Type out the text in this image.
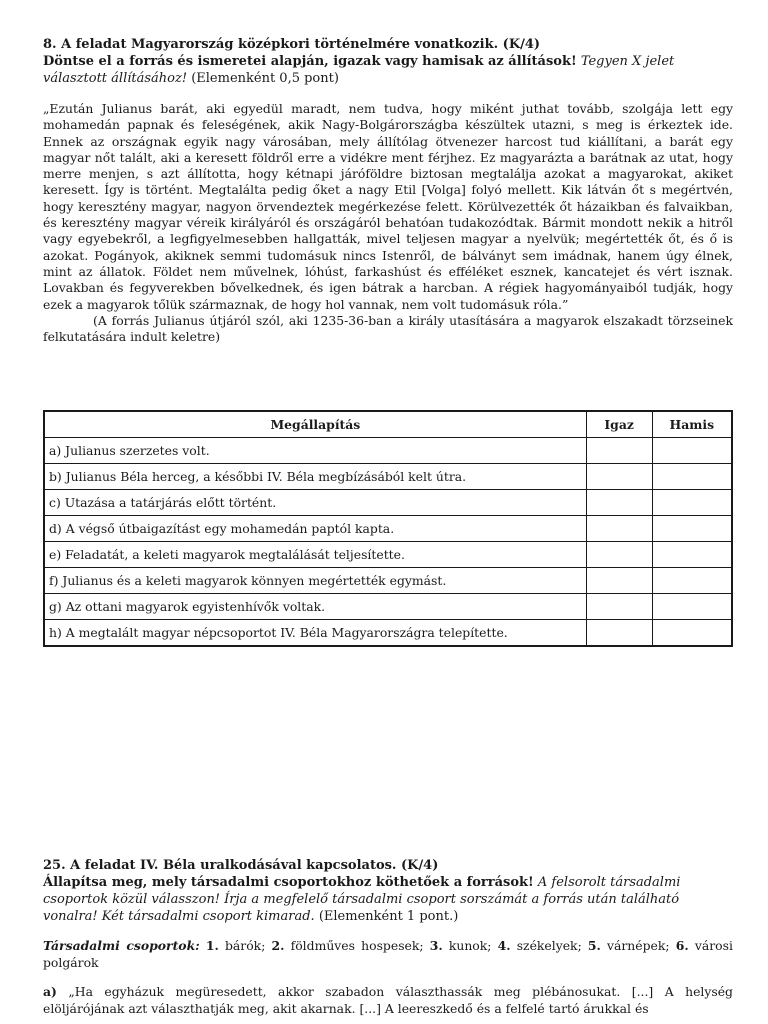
8. A feladat Magyarország középkori történelmére vonatkozik. (K/4)
Döntse el a forrás és ismeretei alapján, igazak vagy hamisak az állítások! Tegyen X jelet választott állításához! (Elemenként 0,5 pont)
„Ezután Julianus barát, aki egyedül maradt, nem tudva, hogy miként juthat tovább, szolgája lett egy mohamedán papnak és feleségének, akik Nagy-Bolgárországba készültek utazni, s meg is érkeztek ide. Ennek az országnak egyik nagy városában, mely állítólag ötvenezer harcost tud kiállítani, a barát egy magyar nőt talált, aki a keresett földről erre a vidékre ment férjhez. Ez magyarázta a barátnak az utat, hogy merre menjen, s azt állította, hogy kétnapi járóföldre biztosan megtalálja azokat a magyarokat, akiket keresett. Így is történt. Megtalálta pedig őket a nagy Etil [Volga] folyó mellett. Kik látván őt s megértvén, hogy keresztény magyar, nagyon örvendeztek megérkezése felett. Körülvezették őt házaikban és falvaikban, és keresztény magyar véreik királyáról és országáról behatóan tudakozódtak. Bármit mondott nekik a hitről vagy egyebekről, a legfigyelmesebben hallgatták, mivel teljesen magyar a nyelvük; megértették őt, és ő is azokat. Pogányok, akiknek semmi tudomásuk nincs Istenről, de bálványt sem imádnak, hanem úgy élnek, mint az állatok. Földet nem művelnek, lóhúst, farkashúst és efféléket esznek, kancatejet és vért isznak. Lovakban és fegyverekben bővelkednek, és igen bátrak a harcban. A régiek hagyományaiból tudják, hogy ezek a magyarok tőlük származnak, de hogy hol vannak, nem volt tudomásuk róla.”
(A forrás Julianus útjáról szól, aki 1235-36-ban a király utasítására a magyarok elszakadt törzseinek felkutatására indult keletre)
Megállapítás	Igaz	Hamis
a) Julianus szerzetes volt.		
b) Julianus Béla herceg, a későbbi IV. Béla megbízásából kelt útra.		
c) Utazása a tatárjárás előtt történt.		
d) A végső útbaigazítást egy mohamedán paptól kapta.		
e) Feladatát, a keleti magyarok megtalálását teljesítette.		
f) Julianus és a keleti magyarok könnyen megértették egymást.		
g) Az ottani magyarok egyistenhívők voltak.		
h) A megtalált magyar népcsoportot IV. Béla Magyarországra telepítette.		
25. A feladat IV. Béla uralkodásával kapcsolatos. (K/4)
Állapítsa meg, mely társadalmi csoportokhoz köthetőek a források! A felsorolt társadalmi csoportok közül válasszon! Írja a megfelelő társadalmi csoport sorszámát a forrás után található vonalra! Két társadalmi csoport kimarad. (Elemenként 1 pont.)
Társadalmi csoportok: 1. bárók; 2. földműves hospesek; 3. kunok; 4. székelyek; 5. várnépek; 6. városi polgárok
a) „Ha egyházuk megüresedett, akkor szabadon választhassák meg plébánosukat. [...] A helység elöljárójának azt választhatják meg, akit akarnak. [...] A leereszkedő és a felfelé tartó árukkal és
